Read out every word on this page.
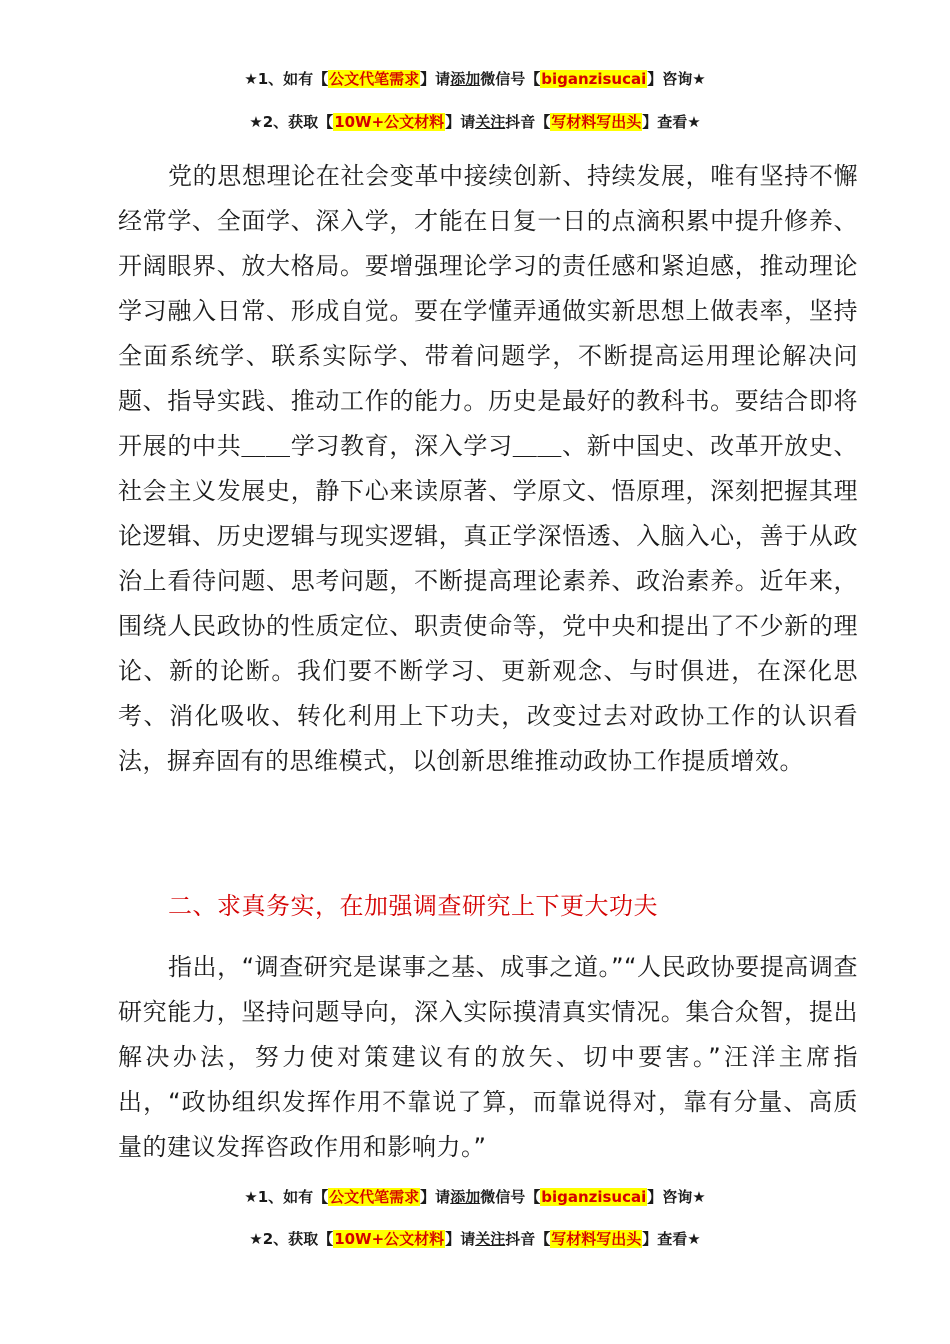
★1、如有【公文代笔需求】请添加微信号【biganzisucai】咨询★
★2、获取【10W+公文材料】请关注抖音【写材料写出头】查看★

党的思想理论在社会变革中接续创新、持续发展，唯有坚持不懈经常学、全面学、深入学，才能在日复一日的点滴积累中提升修养、开阔眼界、放大格局。要增强理论学习的责任感和紧迫感，推动理论学习融入日常、形成自觉。要在学懂弄通做实新思想上做表率，坚持全面系统学、联系实际学、带着问题学，不断提高运用理论解决问题、指导实践、推动工作的能力。历史是最好的教科书。要结合即将开展的中共＿＿学习教育，深入学习＿＿、新中国史、改革开放史、社会主义发展史，静下心来读原著、学原文、悟原理，深刻把握其理论逻辑、历史逻辑与现实逻辑，真正学深悟透、入脑入心，善于从政治上看待问题、思考问题，不断提高理论素养、政治素养。近年来，围绕人民政协的性质定位、职责使命等，党中央和提出了不少新的理论、新的论断。我们要不断学习、更新观念、与时俱进，在深化思考、消化吸收、转化利用上下功夫，改变过去对政协工作的认识看法，摒弃固有的思维模式，以创新思维推动政协工作提质增效。

二、求真务实，在加强调查研究上下更大功夫

指出，“调查研究是谋事之基、成事之道。”“人民政协要提高调查研究能力，坚持问题导向，深入实际摸清真实情况。集合众智，提出解决办法，努力使对策建议有的放矢、切中要害。”汪洋主席指出，“政协组织发挥作用不靠说了算，而靠说得对，靠有分量、高质量的建议发挥咨政作用和影响力。”

★1、如有【公文代笔需求】请添加微信号【biganzisucai】咨询★
★2、获取【10W+公文材料】请关注抖音【写材料写出头】查看★
